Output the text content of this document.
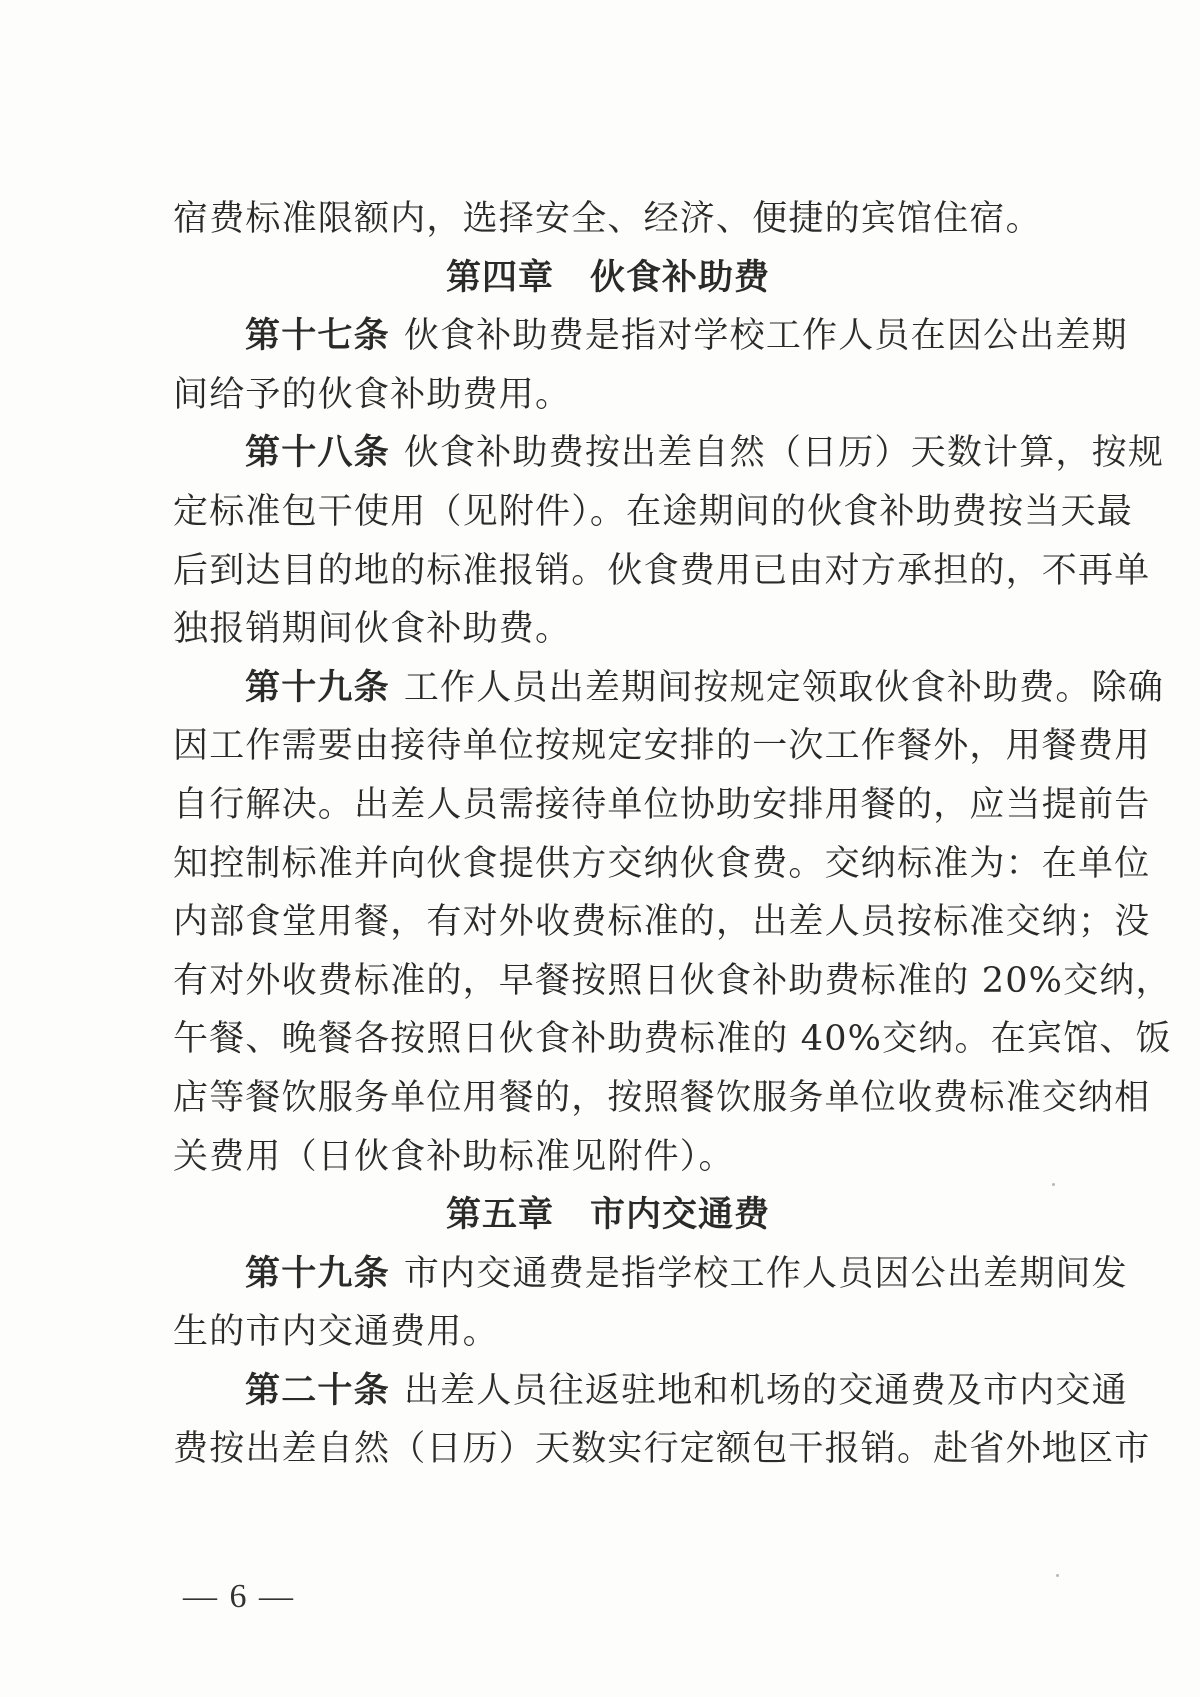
宿费标准限额内，选择安全、经济、便捷的宾馆住宿。
第四章 伙食补助费
第十七条 伙食补助费是指对学校工作人员在因公出差期
间给予的伙食补助费用。
第十八条 伙食补助费按出差自然（日历）天数计算，按规
定标准包干使用（见附件）。在途期间的伙食补助费按当天最
后到达目的地的标准报销。伙食费用已由对方承担的，不再单
独报销期间伙食补助费。
第十九条 工作人员出差期间按规定领取伙食补助费。除确
因工作需要由接待单位按规定安排的一次工作餐外，用餐费用
自行解决。出差人员需接待单位协助安排用餐的，应当提前告
知控制标准并向伙食提供方交纳伙食费。交纳标准为：在单位
内部食堂用餐，有对外收费标准的，出差人员按标准交纳；没
有对外收费标准的，早餐按照日伙食补助费标准的 20%交纳，
午餐、晚餐各按照日伙食补助费标准的 40%交纳。在宾馆、饭
店等餐饮服务单位用餐的，按照餐饮服务单位收费标准交纳相
关费用（日伙食补助标准见附件）。
第五章 市内交通费
第十九条 市内交通费是指学校工作人员因公出差期间发
生的市内交通费用。
第二十条 出差人员往返驻地和机场的交通费及市内交通
费按出差自然（日历）天数实行定额包干报销。赴省外地区市
— 6 —
